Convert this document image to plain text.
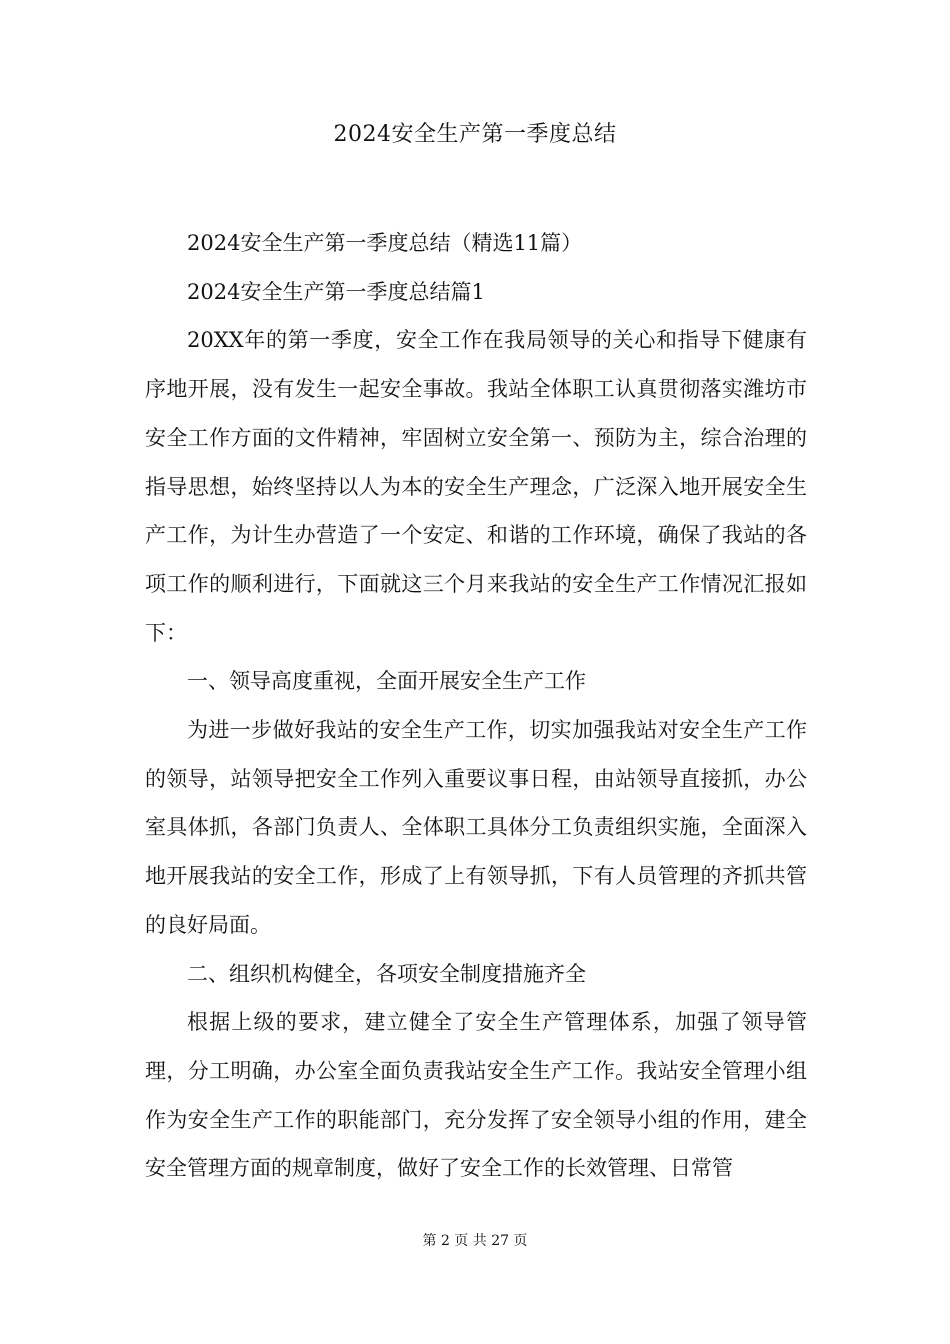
2024安全生产第一季度总结

2024安全生产第一季度总结（精选11篇）

2024安全生产第一季度总结篇1

20XX年的第一季度，安全工作在我局领导的关心和指导下健康有序地开展，没有发生一起安全事故。我站全体职工认真贯彻落实潍坊市安全工作方面的文件精神，牢固树立安全第一、预防为主，综合治理的指导思想，始终坚持以人为本的安全生产理念，广泛深入地开展安全生产工作，为计生办营造了一个安定、和谐的工作环境，确保了我站的各项工作的顺利进行，下面就这三个月来我站的安全生产工作情况汇报如下：

一、领导高度重视，全面开展安全生产工作

为进一步做好我站的安全生产工作，切实加强我站对安全生产工作的领导，站领导把安全工作列入重要议事日程，由站领导直接抓，办公室具体抓，各部门负责人、全体职工具体分工负责组织实施，全面深入地开展我站的安全工作，形成了上有领导抓，下有人员管理的齐抓共管的良好局面。

二、组织机构健全，各项安全制度措施齐全

根据上级的要求，建立健全了安全生产管理体系，加强了领导管理，分工明确，办公室全面负责我站安全生产工作。我站安全管理小组作为安全生产工作的职能部门，充分发挥了安全领导小组的作用，建全安全管理方面的规章制度，做好了安全工作的长效管理、日常管

第 2 页 共 27 页
